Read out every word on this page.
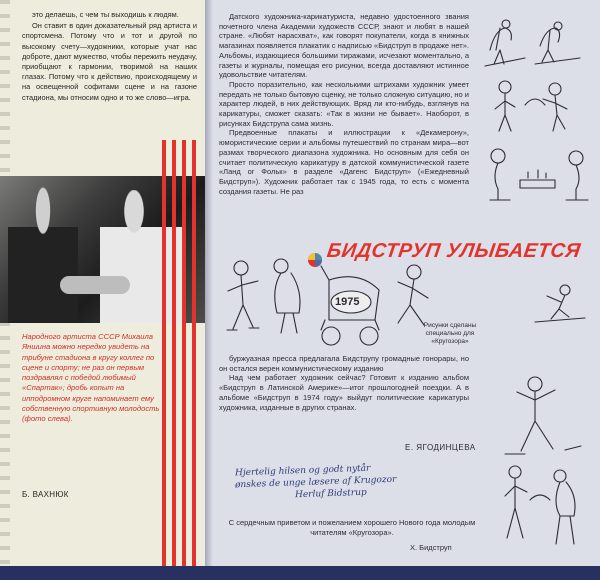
это делаешь, с чем ты выходишь к людям.

Он ставит в один доказательный ряд артиста и спортсмена. Потому что и тот и другой по высокому счету—художники, которые учат нас доброте, дают мужество, чтобы пережить неудачу, приобщают к гармонии, творимой на наших глазах. Потому что к действию, происходящему и на освещенной софитами сцене и на газоне стадиона, мы относим одно и то же слово—игра.

Народного артиста СССР Михаила Яншина можно нередко увидеть на трибуне стадиона в кругу коллег по сцене и спорту; не раз он первым поздравлял с победой любимый «Спартак»; дробь копыт на ипподромном круге напоминает ему собственную спортивную молодость (фото слева).
Б. ВАХНЮК

Датского художника-карикатуриста, недавно удостоенного звания почетного члена Академии художеств СССР, знают и любят в нашей стране. «Любят нарасхват», как говорят покупатели, когда в книжных магазинах появляется плакатик с надписью «Бидструп в продаже нет». Альбомы, издающиеся большими тиражами, исчезают моментально, а газеты и журналы, помещая его рисунки, всегда доставляют истинное удовольствие читателям.

Просто поразительно, как несколькими штрихами художник умеет передать не только бытовую сценку, не только сложную ситуацию, но и характер людей, в них действующих. Вряд ли кто-нибудь, взглянув на карикатуры, сможет сказать: «Так в жизни не бывает». Наоборот, в рисунках Бидструпа сама жизнь.

Предвоенные плакаты и иллюстрации к «Декамерону», юмористические серии и альбомы путешествий по странам мира—вот размах творческого диапазона художника. Но основным для себя он считает политическую карикатуру в датской коммунистической газете «Ланд ог Фольк» в разделе «Дагенс Бидструп» («Ежедневный Бидструп»). Художник работает так с 1945 года, то есть с момента создания газеты. Не раз

БИДСТРУП УЛЫБАЕТСЯ
1975
Рисунки сделаны специально для «Кругозора»

буржуазная пресса предлагала Бидструпу громадные гонорары, но он остался верен коммунистическому изданию

Над чем работает художник сейчас? Готовит к изданию альбом «Бидструп в Латинской Америке»—итог прошлогодней поездки. А в альбоме «Бидструп в 1974 году» выйдут политические карикатуры художника, изданные в других странах.

Е. ЯГОДИНЦЕВА
Hjertelig hilsen og godt nytår
ønskes de unge læsere af Krugozor
Herluf Bidstrup
С сердечным приветом и пожеланием хорошего Нового года молодым читателям «Кругозора».
Х. Бидструп
